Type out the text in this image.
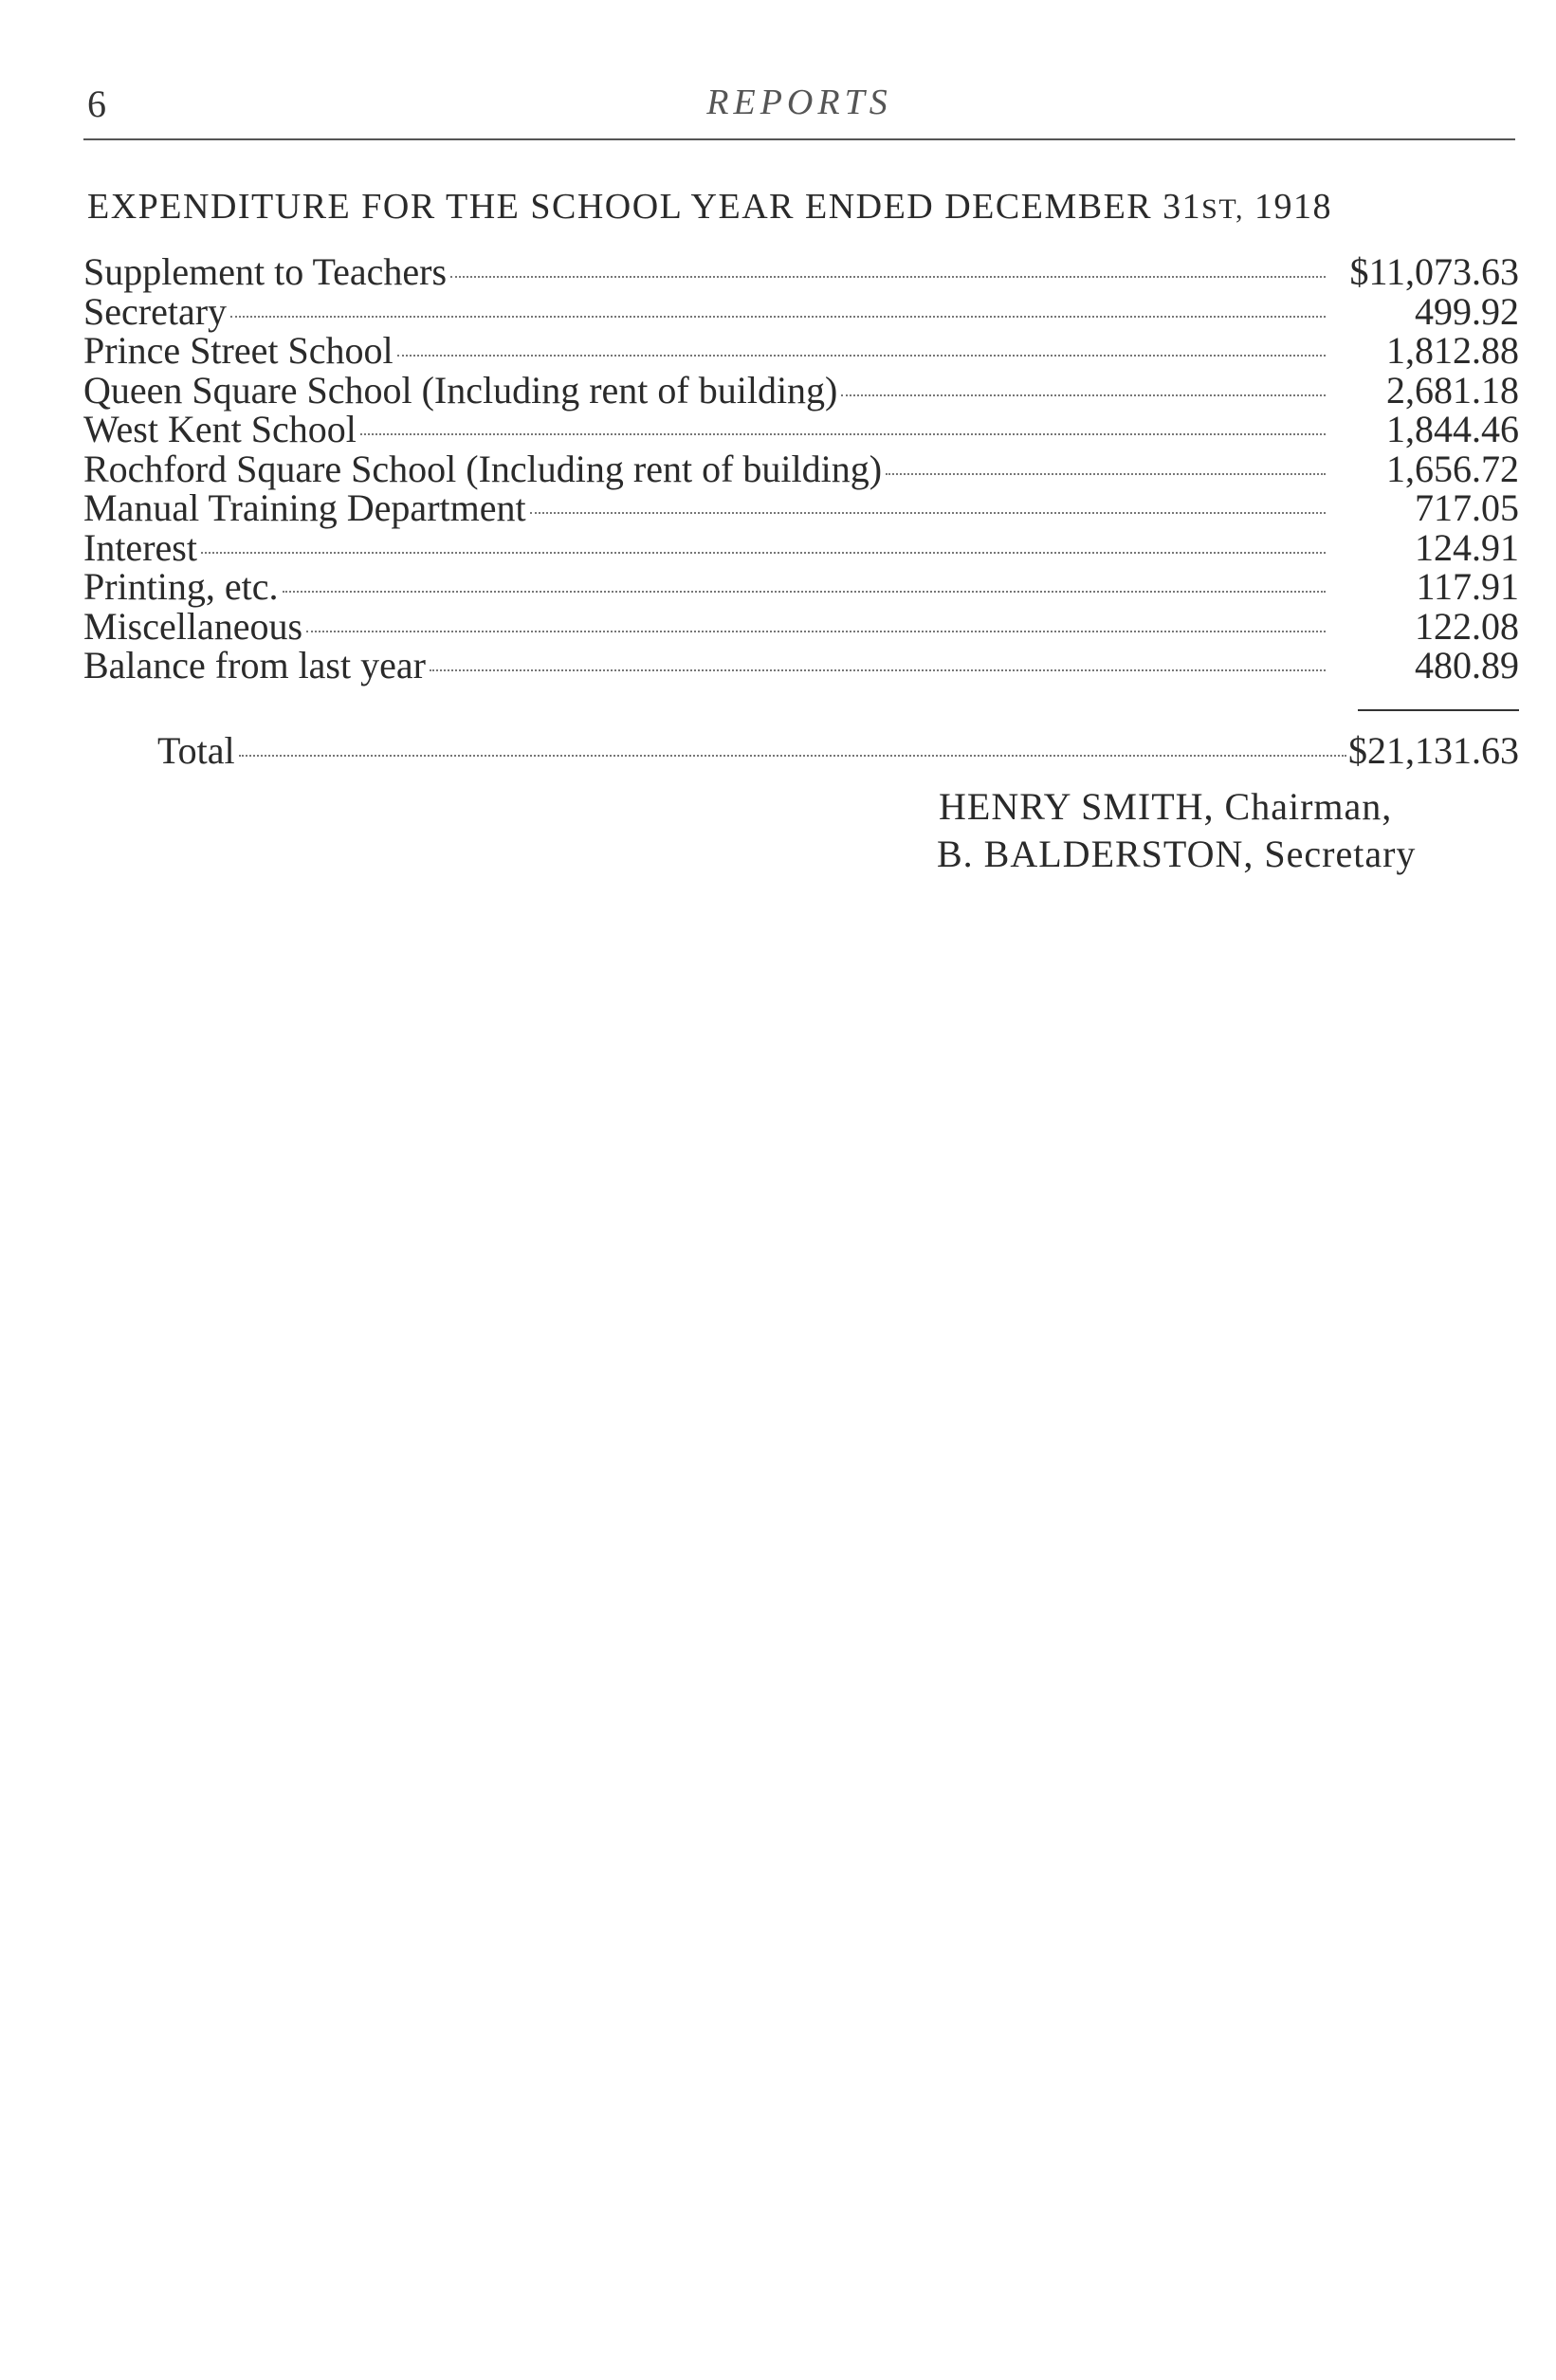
6	REPORTS
EXPENDITURE FOR THE SCHOOL YEAR ENDED DECEMBER 31ST, 1918
Supplement to Teachers	$11,073.63
Secretary	499.92
Prince Street School	1,812.88
Queen Square School (Including rent of building)	2,681.18
West Kent School	1,844.46
Rochford Square School (Including rent of building)	1,656.72
Manual Training Department	717.05
Interest	124.91
Printing, etc.	117.91
Miscellaneous	122.08
Balance from last year	480.89
Total	$21,131.63
HENRY SMITH, Chairman,
B. BALDERSTON, Secretary
